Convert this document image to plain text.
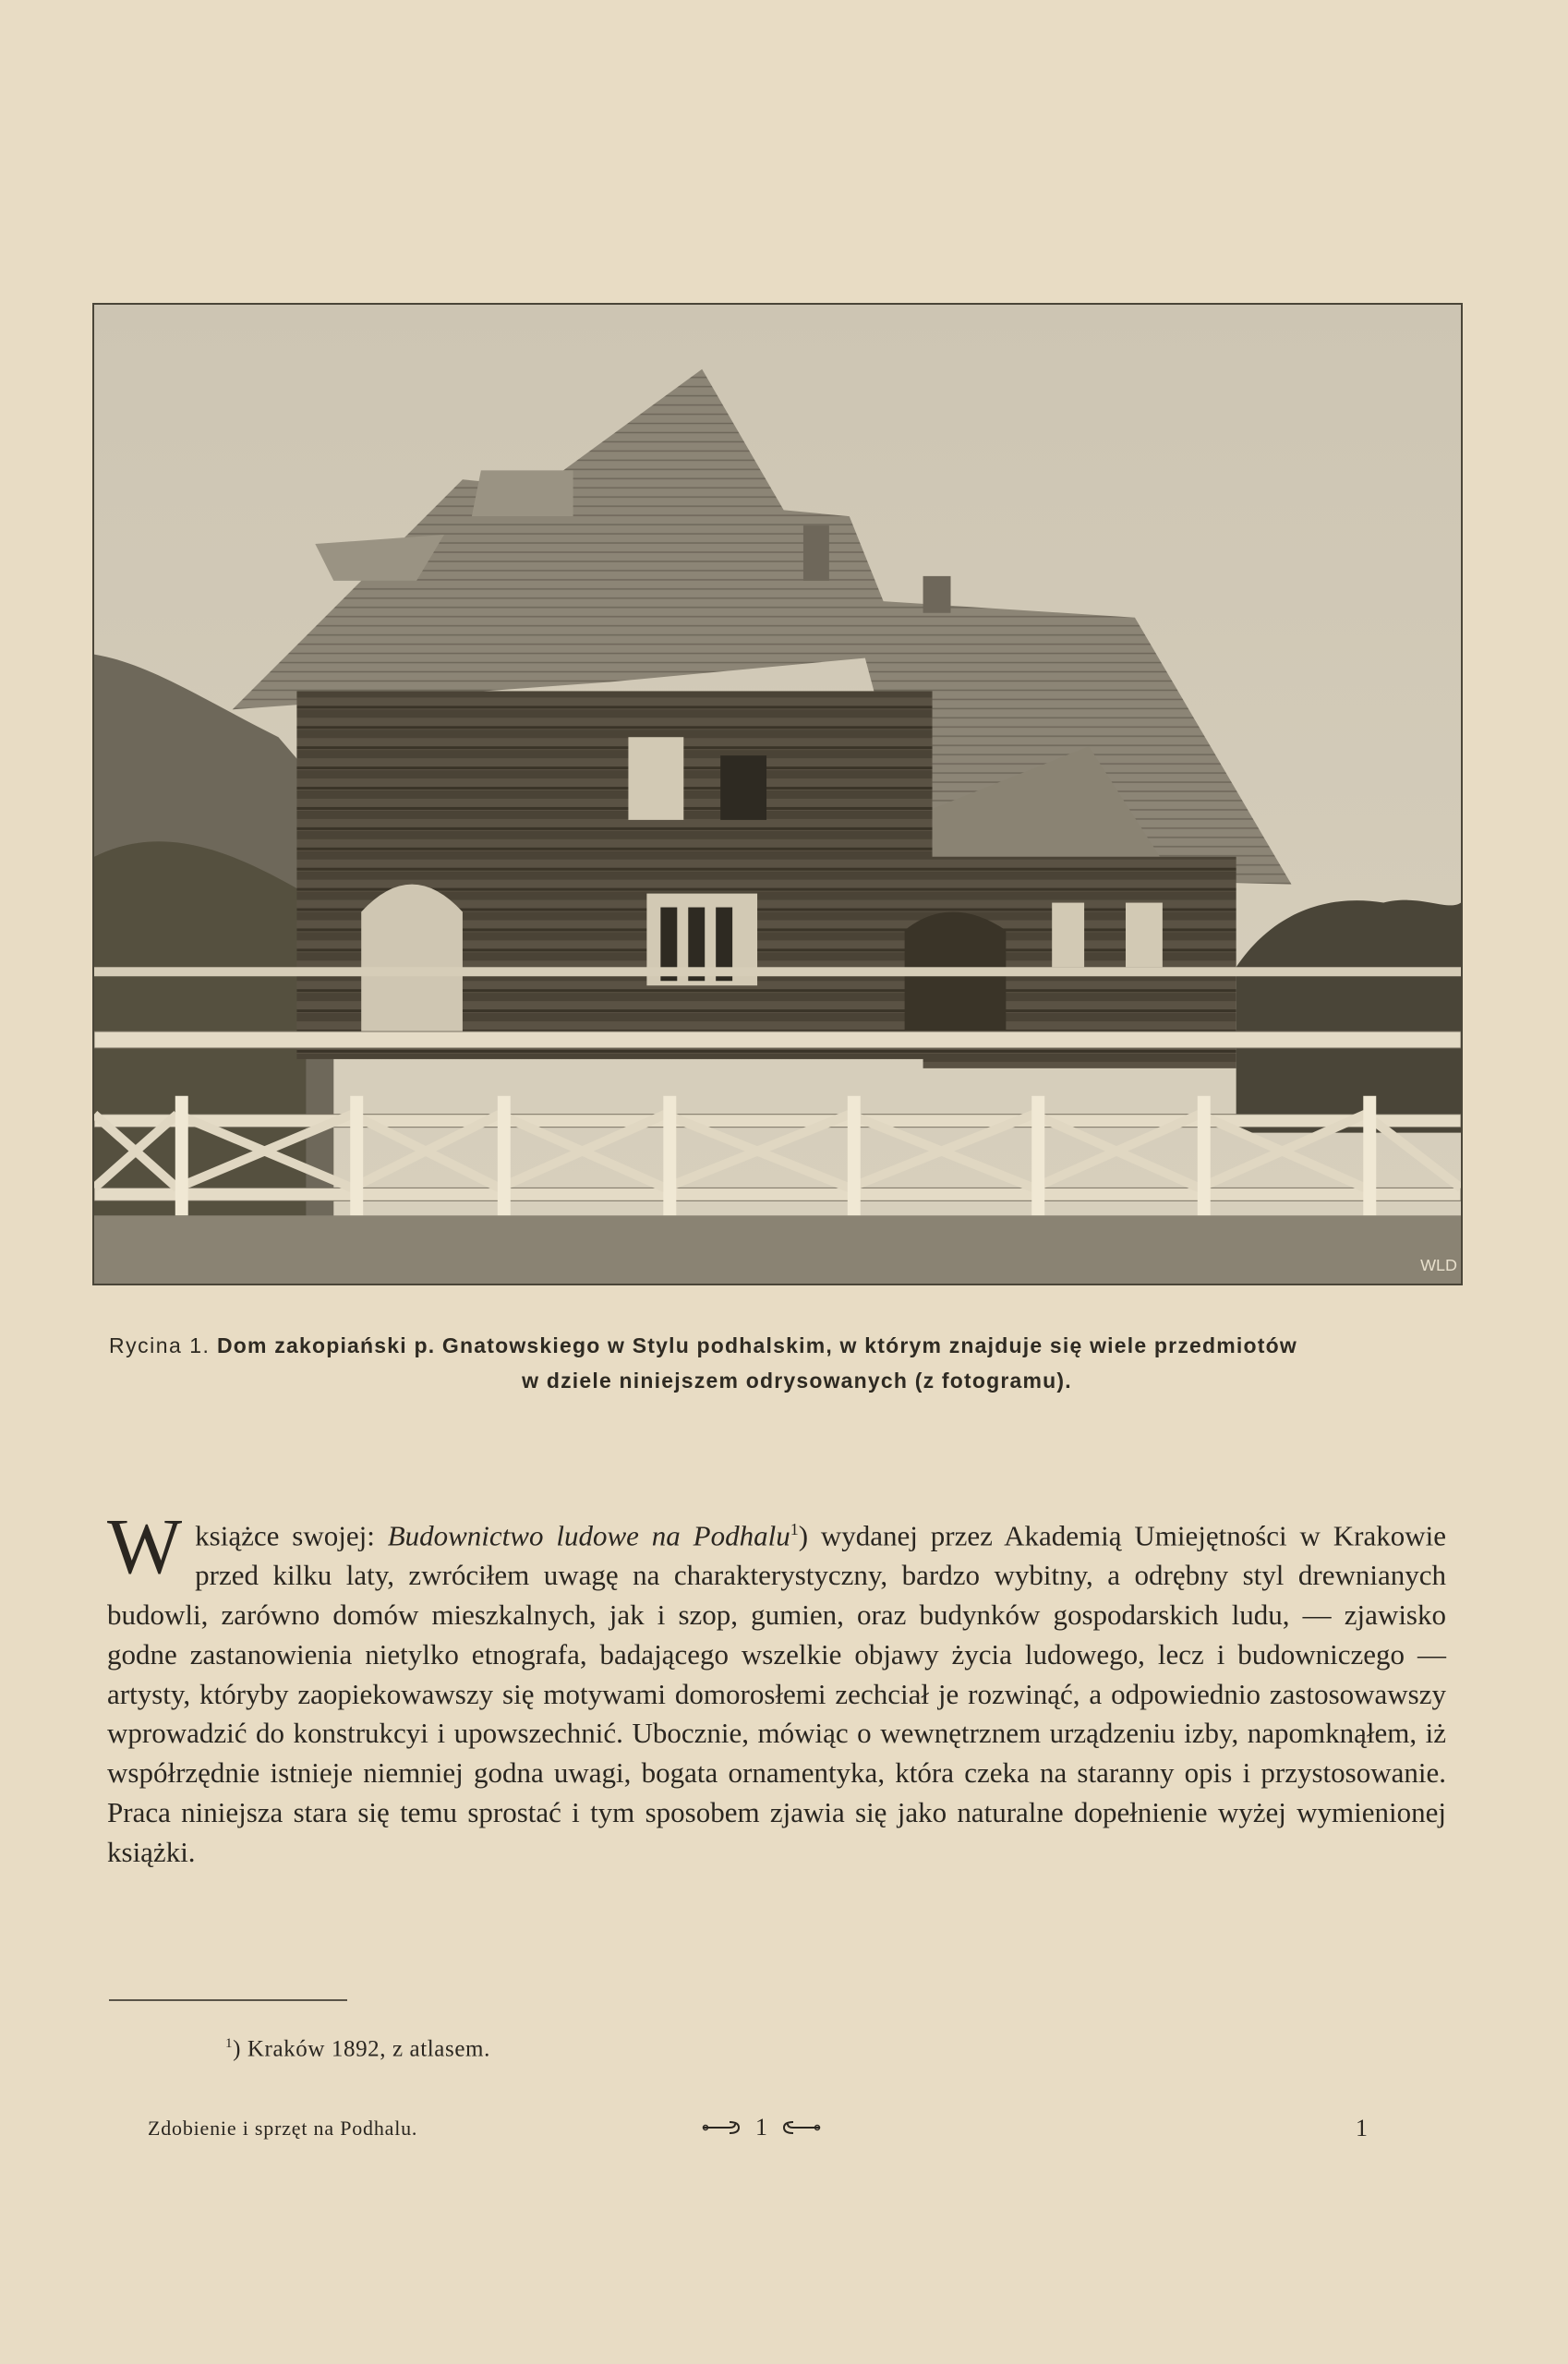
WLD
Rycina 1. Dom zakopiański p. Gnatowskiego w Stylu podhalskim, w którym znajduje się wiele przedmiotów
w dziele niniejszem odrysowanych (z fotogramu).
W książce swojej: Budownictwo ludowe na Podhalu$^1$) wydanej przez Akademią Umiejętności w Krakowie przed kilku laty, zwróciłem uwagę na charakterystyczny, bardzo wybitny, a odrębny styl drewnianych budowli, zarówno domów mieszkalnych, jak i szop, gumien, oraz budynków gospodarskich ludu, — zjawisko godne zastanowienia nietylko etnografa, badającego wszelkie objawy życia ludowego, lecz i budowniczego — artysty, któryby zaopiekowawszy się motywami domorosłemi zechciał je rozwinąć, a odpowiednio zastosowawszy wprowadzić do konstrukcyi i upowszechnić. Ubocznie, mówiąc o wewnętrznem urządzeniu izby, napomknąłem, iż współrzędnie istnieje niemniej godna uwagi, bogata ornamentyka, która czeka na staranny opis i przystosowanie. Praca niniejsza stara się temu sprostać i tym sposobem zjawia się jako naturalne dopełnienie wyżej wymienionej książki.
$^1$) Kraków 1892, z atlasem.
Zdobienie i sprzęt na Podhalu.	1	1
